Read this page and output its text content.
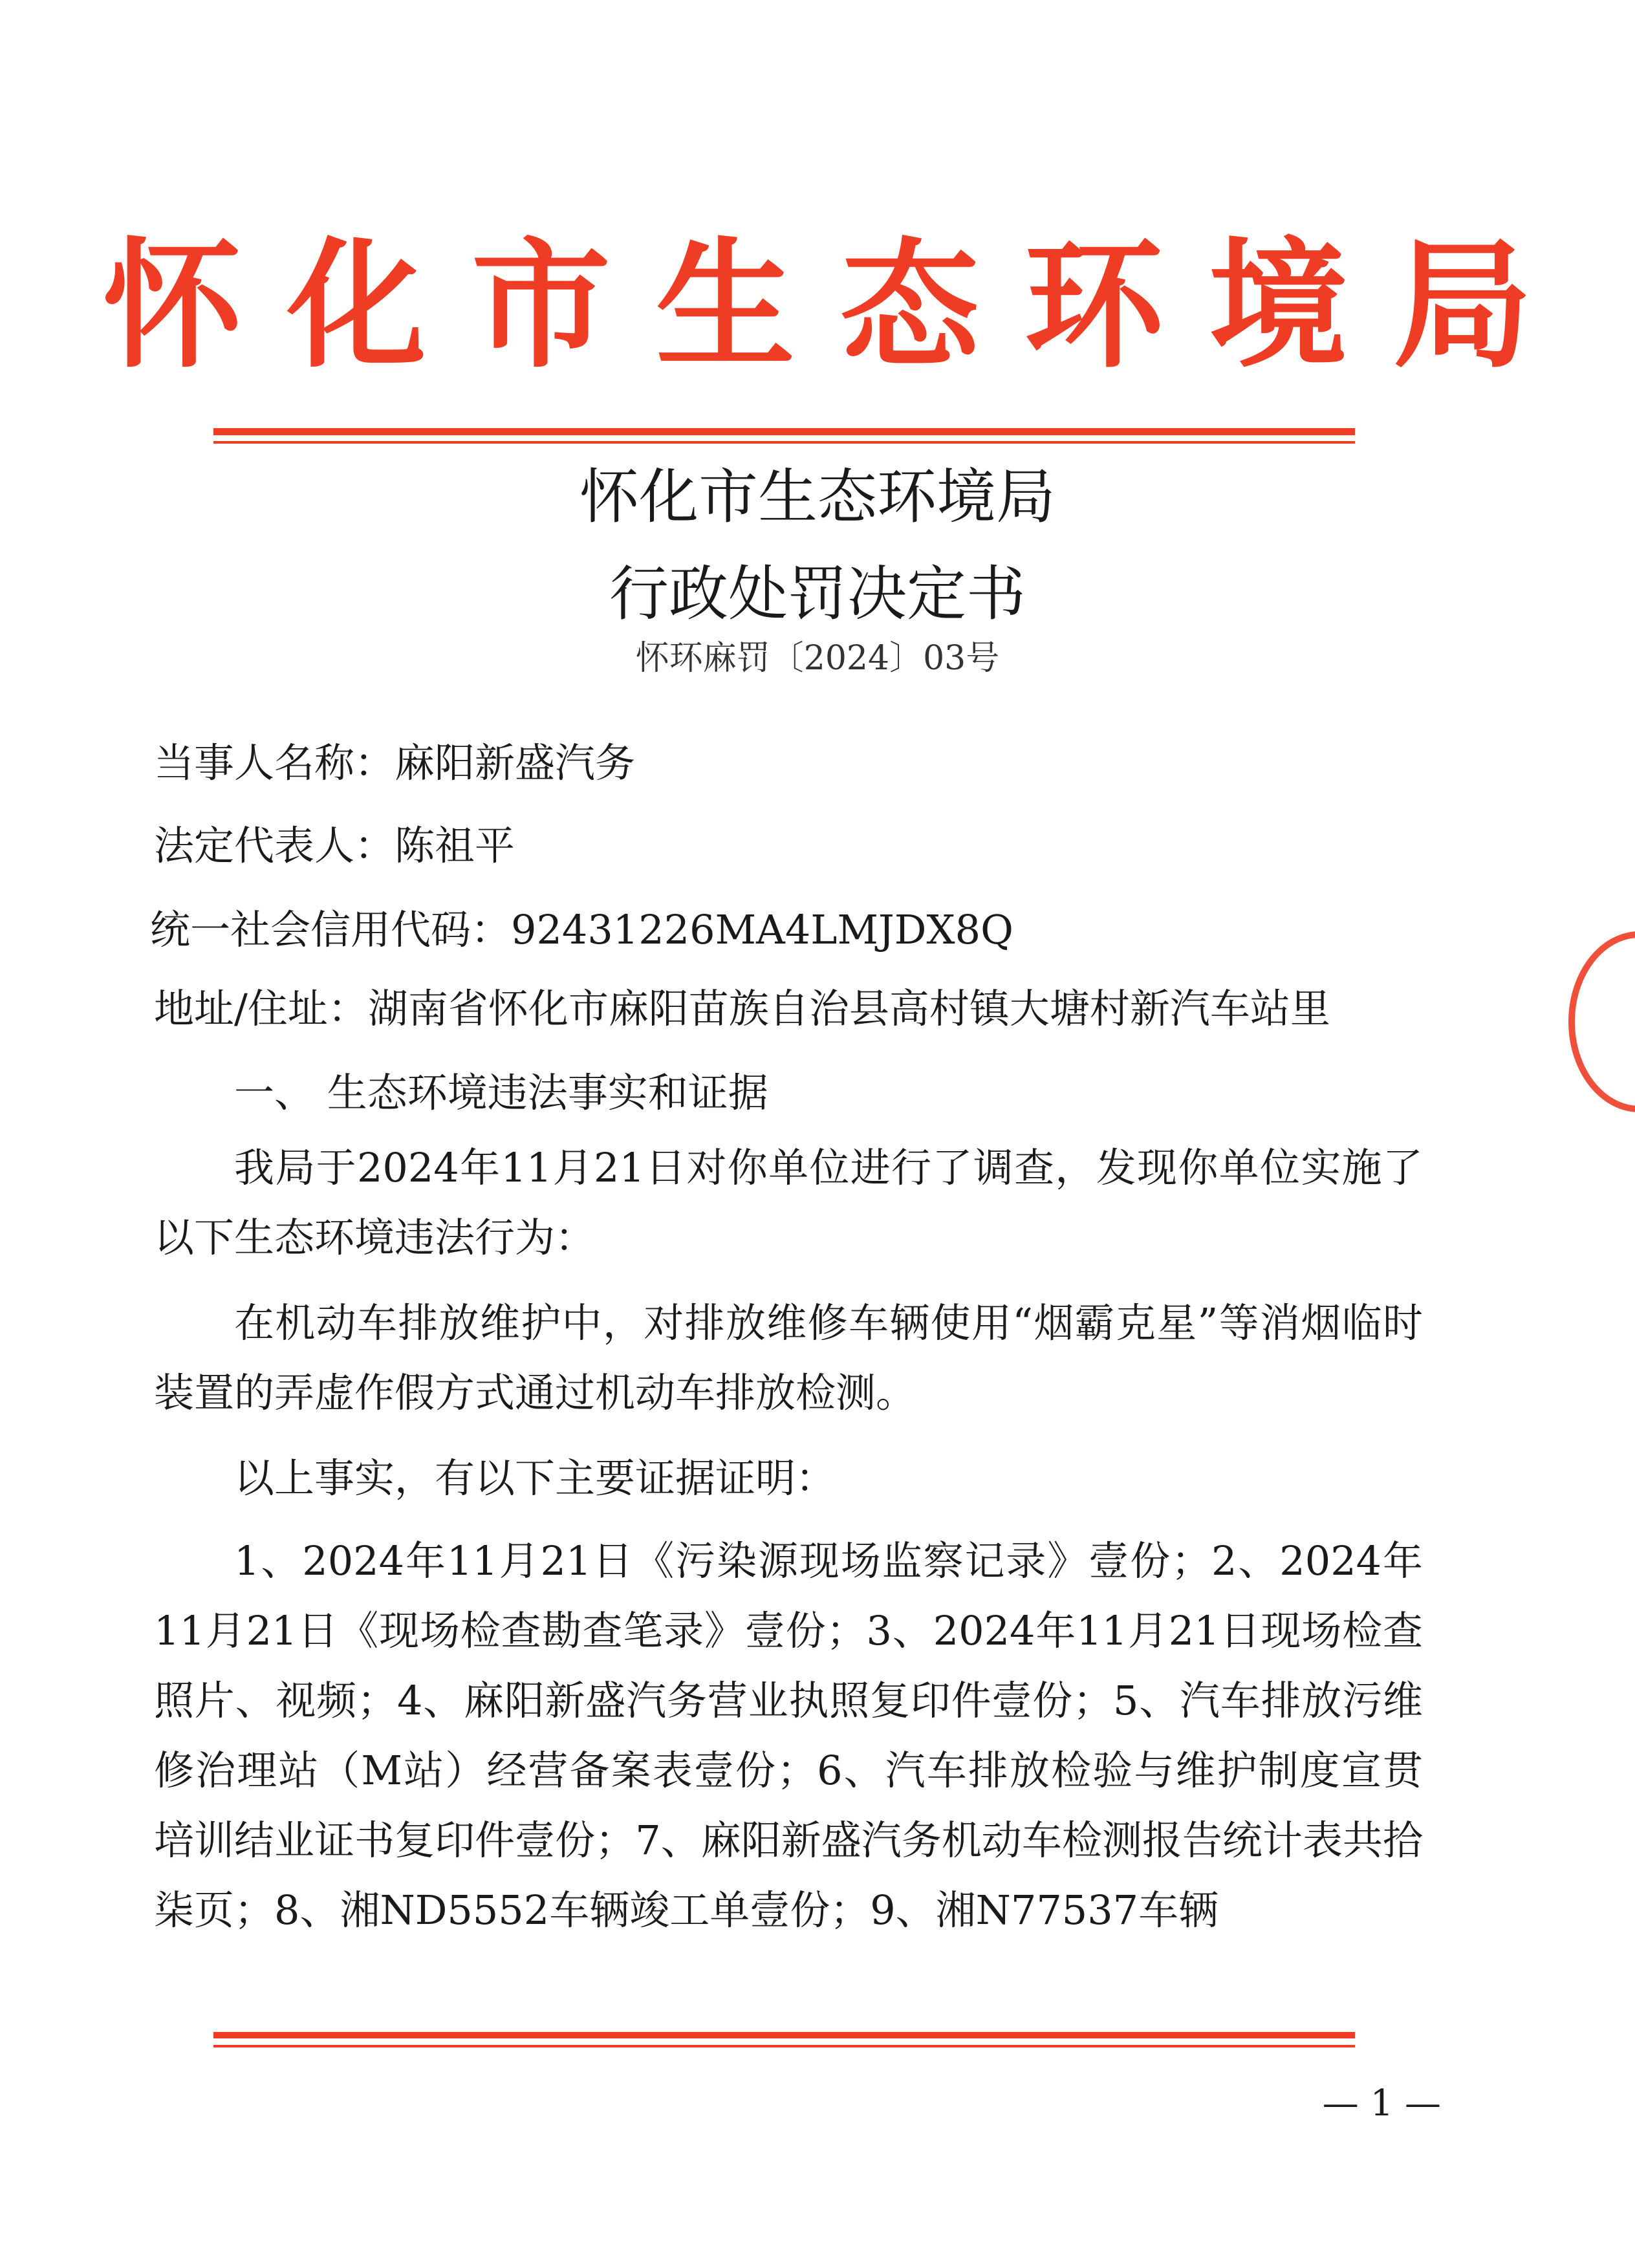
怀化市生态环境局
怀化市生态环境局
行政处罚决定书
怀环麻罚〔2024〕03号
当事人名称：麻阳新盛汽务
法定代表人：陈祖平
统一社会信用代码：92431226MA4LMJDX8Q
地址/住址：湖南省怀化市麻阳苗族自治县高村镇大塘村新汽车站里
一、 生态环境违法事实和证据
我局于2024年11月21日对你单位进行了调查，发现你单位实施了以下生态环境违法行为：
在机动车排放维护中，对排放维修车辆使用“烟霸克星”等消烟临时装置的弄虚作假方式通过机动车排放检测。
以上事实，有以下主要证据证明：
1、2024年11月21日《污染源现场监察记录》壹份；2、2024年11月21日《现场检查勘查笔录》壹份；3、2024年11月21日现场检查照片、视频；4、麻阳新盛汽务营业执照复印件壹份；5、汽车排放污维修治理站（M站）经营备案表壹份；6、汽车排放检验与维护制度宣贯培训结业证书复印件壹份；7、麻阳新盛汽务机动车检测报告统计表共拾柒页；8、湘ND5552车辆竣工单壹份；9、湘N77537车辆
— 1 —
